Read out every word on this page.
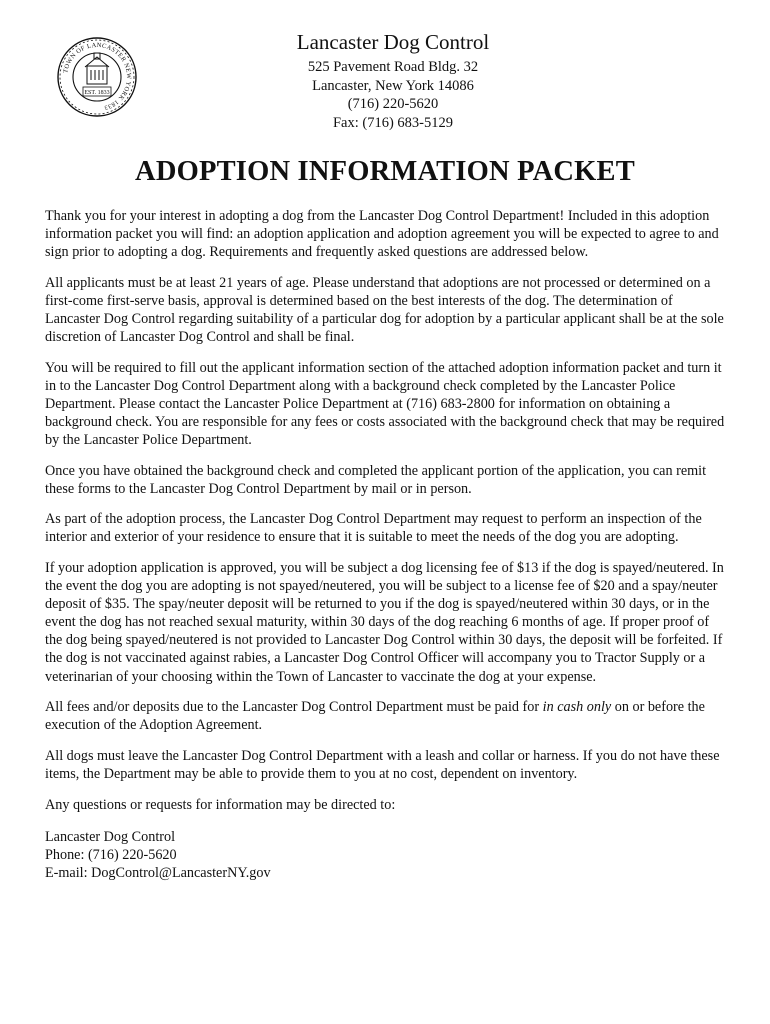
TOWN OF LANCASTER NEW YORK 1833
EST. 1833

Lancaster Dog Control

525 Pavement Road Bldg. 32

Lancaster, New York 14086

(716) 220-5620

Fax: (716) 683-5129

ADOPTION INFORMATION PACKET

Thank you for your interest in adopting a dog from the Lancaster Dog Control Department! Included in this adoption information packet you will find: an adoption application and adoption agreement you will be expected to agree to and sign prior to adopting a dog. Requirements and frequently asked questions are addressed below.

All applicants must be at least 21 years of age. Please understand that adoptions are not processed or determined on a first-come first-serve basis, approval is determined based on the best interests of the dog. The determination of Lancaster Dog Control regarding suitability of a particular dog for adoption by a particular applicant shall be at the sole discretion of Lancaster Dog Control and shall be final.

You will be required to fill out the applicant information section of the attached adoption information packet and turn it in to the Lancaster Dog Control Department along with a background check completed by the Lancaster Police Department. Please contact the Lancaster Police Department at (716) 683-2800 for information on obtaining a background check. You are responsible for any fees or costs associated with the background check that may be required by the Lancaster Police Department.

Once you have obtained the background check and completed the applicant portion of the application, you can remit these forms to the Lancaster Dog Control Department by mail or in person.

As part of the adoption process, the Lancaster Dog Control Department may request to perform an inspection of the interior and exterior of your residence to ensure that it is suitable to meet the needs of the dog you are adopting.

If your adoption application is approved, you will be subject a dog licensing fee of $13 if the dog is spayed/neutered. In the event the dog you are adopting is not spayed/neutered, you will be subject to a license fee of $20 and a spay/neuter deposit of $35. The spay/neuter deposit will be returned to you if the dog is spayed/neutered within 30 days, or in the event the dog has not reached sexual maturity, within 30 days of the dog reaching 6 months of age. If proper proof of the dog being spayed/neutered is not provided to Lancaster Dog Control within 30 days, the deposit will be forfeited. If the dog is not vaccinated against rabies, a Lancaster Dog Control Officer will accompany you to Tractor Supply or a veterinarian of your choosing within the Town of Lancaster to vaccinate the dog at your expense.

All fees and/or deposits due to the Lancaster Dog Control Department must be paid for in cash only on or before the execution of the Adoption Agreement.

All dogs must leave the Lancaster Dog Control Department with a leash and collar or harness. If you do not have these items, the Department may be able to provide them to you at no cost, dependent on inventory.

Any questions or requests for information may be directed to:

Lancaster Dog Control

Phone: (716) 220-5620

E-mail: DogControl@LancasterNY.gov
